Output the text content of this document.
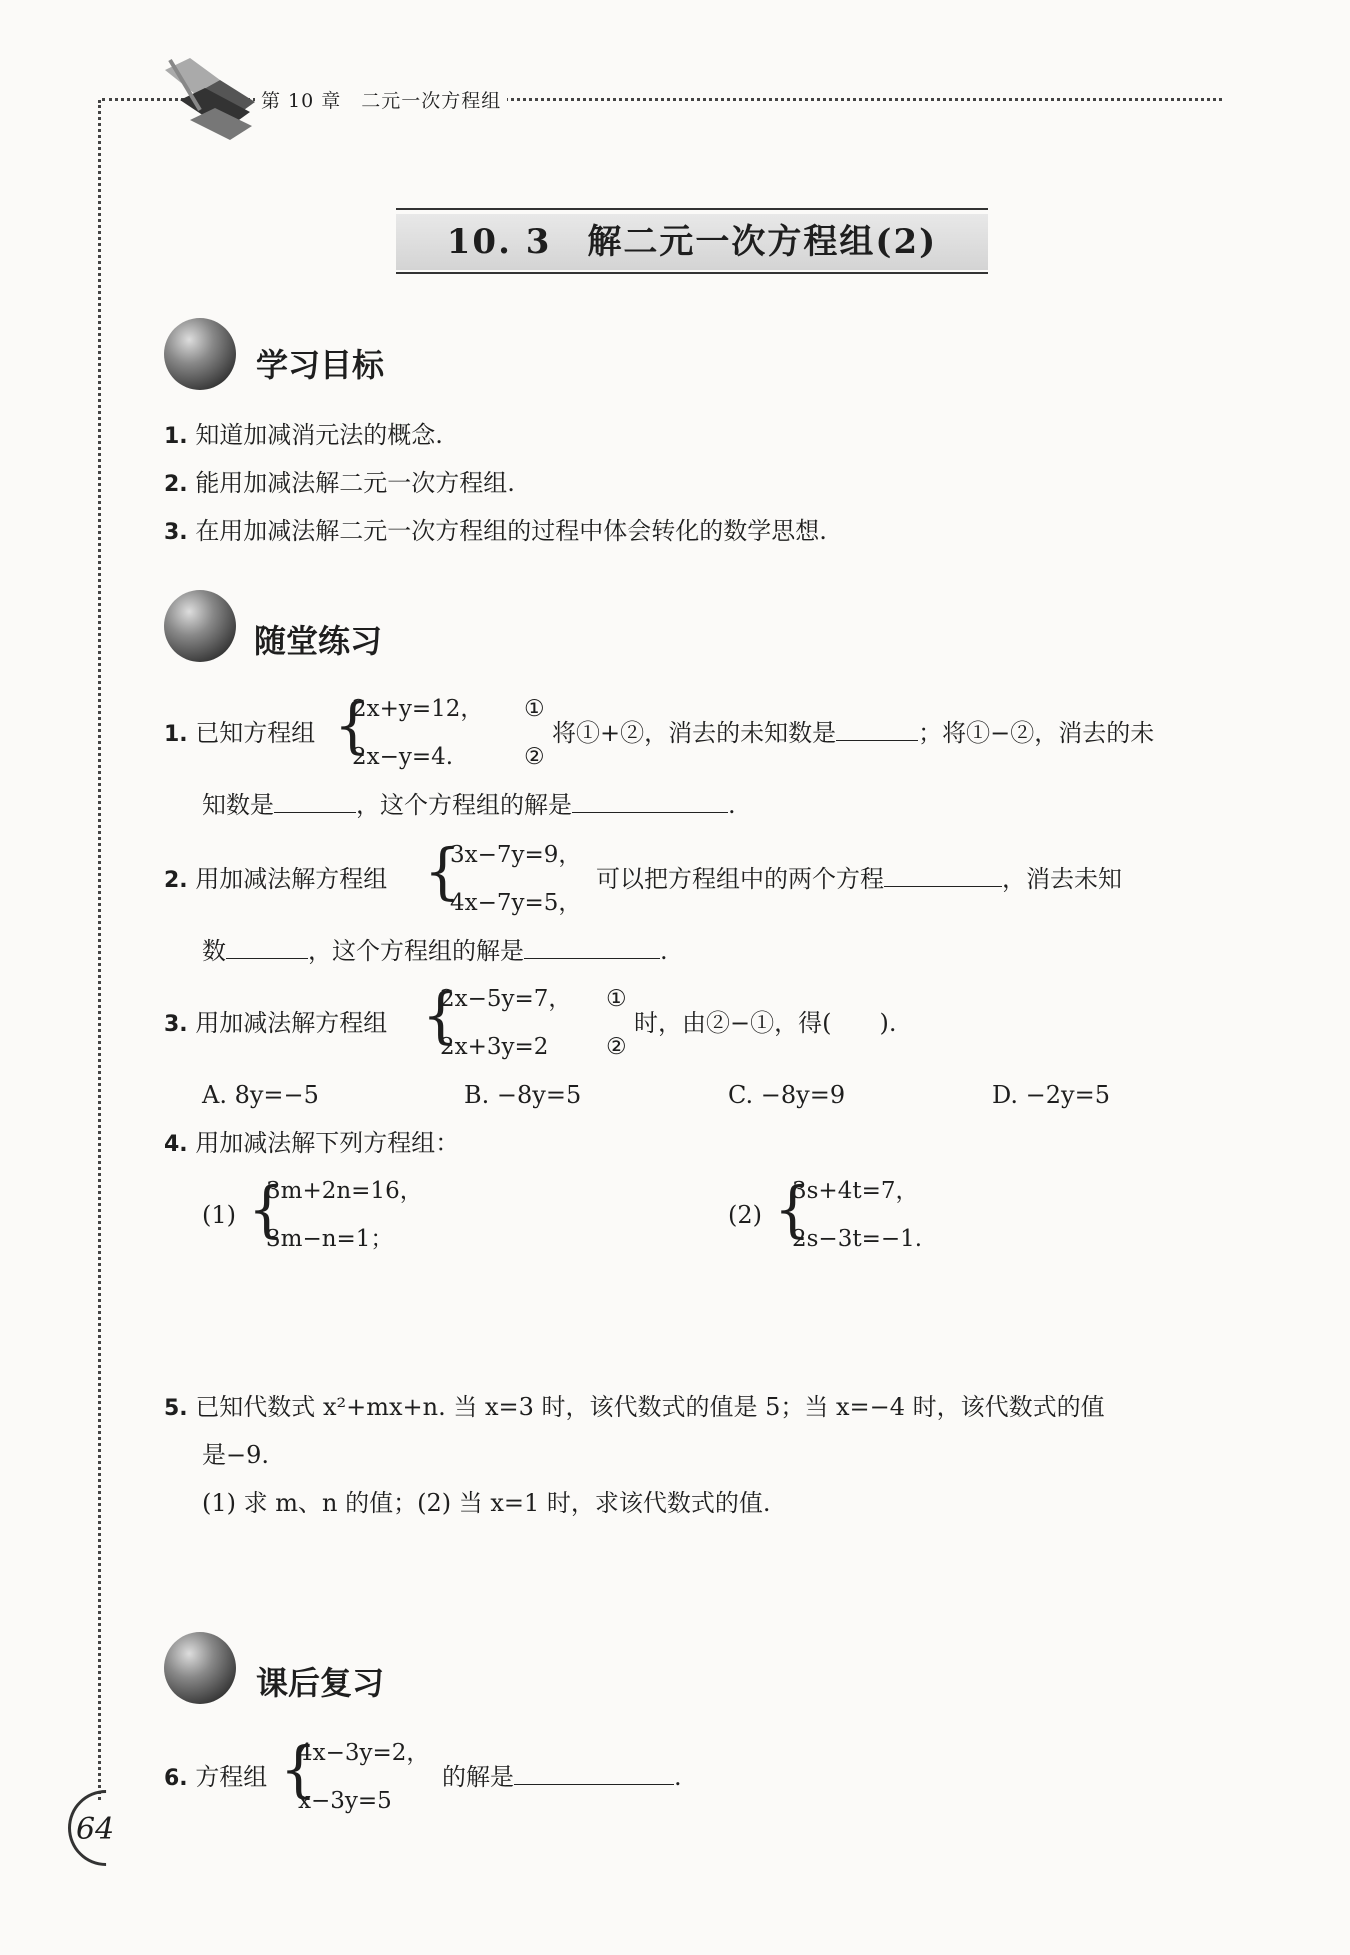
第 10 章　二元一次方程组
10. 3　解二元一次方程组(2)
学习目标
1. 知道加减消元法的概念.
2. 能用加减法解二元一次方程组.
3. 在用加减法解二元一次方程组的过程中体会转化的数学思想.
随堂练习
1. 已知方程组 {
2x+y=12， ①
2x−y=4.	②
将①+②，消去的未知数是	；将①−②，消去的未
知数是	，这个方程组的解是	.
2. 用加减法解方程组 {
3x−7y=9，
4x−7y=5，
可以把方程组中的两个方程	，消去未知
数	，这个方程组的解是	.
3. 用加减法解方程组 {
2x−5y=7， ①
2x+3y=2	②
时，由②−①，得(　　).
A. 8y=−5	B. −8y=5	C. −8y=9	D. −2y=5
4. 用加减法解下列方程组：
(1) {
3m+2n=16，
3m−n=1；
(2) {
3s+4t=7，
2s−3t=−1.
5. 已知代数式 x²+mx+n. 当 x=3 时，该代数式的值是 5；当 x=−4 时，该代数式的值
是−9.
(1) 求 m、n 的值；(2) 当 x=1 时，求该代数式的值.
课后复习
6. 方程组 {
4x−3y=2，
x−3y=5
的解是	.
64
